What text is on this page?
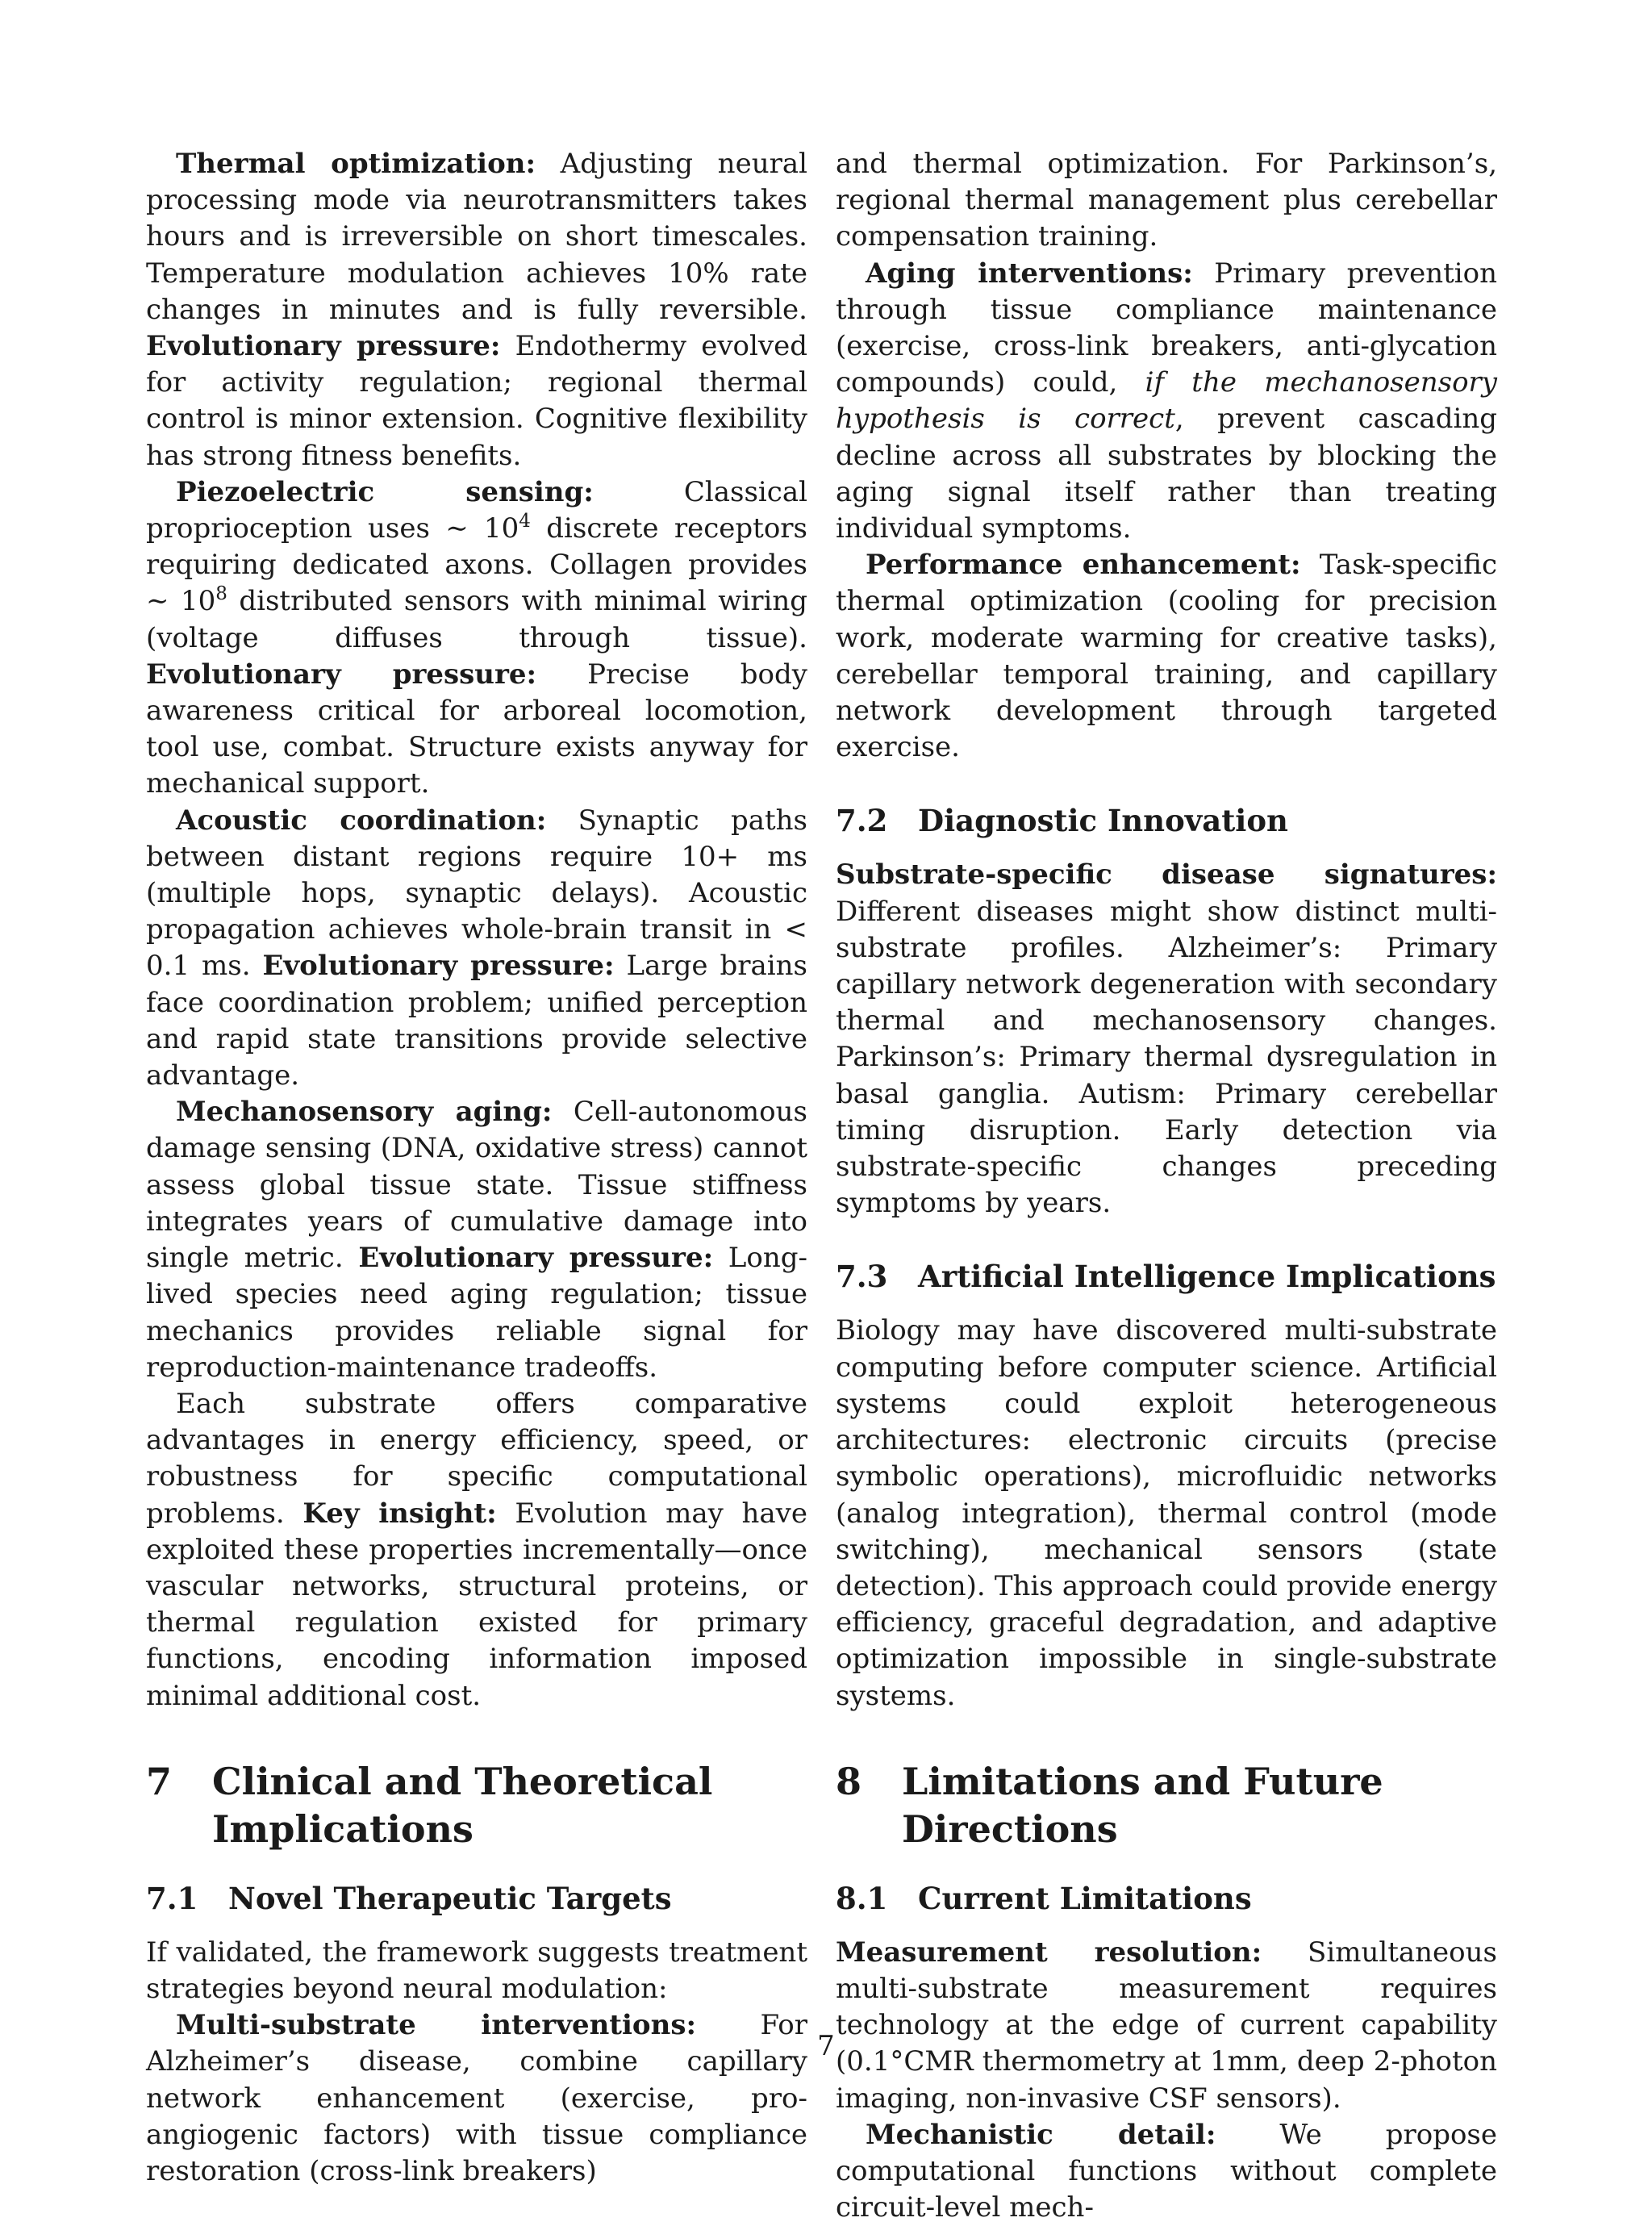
Thermal optimization: Adjusting neural processing mode via neurotransmitters takes hours and is irreversible on short timescales. Temperature modulation achieves 10% rate changes in minutes and is fully reversible. Evolutionary pressure: Endothermy evolved for activity regulation; regional thermal control is minor extension. Cognitive flexibility has strong fitness benefits.

Piezoelectric sensing:	Classical proprioception uses ∼ $10^4$ discrete receptors requiring dedicated axons. Collagen provides ∼ $10^8$ distributed sensors with minimal wiring (voltage diffuses through tissue). Evolutionary pressure: Precise body awareness critical for arboreal locomotion, tool use, combat. Structure exists anyway for mechanical support.

Acoustic coordination: Synaptic paths between distant regions require 10+ ms (multiple hops, synaptic delays). Acoustic propagation achieves whole-brain transit in < 0.1 ms. Evolutionary pressure: Large brains face coordination problem; unified perception and rapid state transitions provide selective advantage.

Mechanosensory aging: Cell-autonomous damage sensing (DNA, oxidative stress) cannot assess global tissue state. Tissue stiffness integrates years of cumulative damage into single metric. Evolutionary pressure: Long-lived species need aging regulation; tissue mechanics provides reliable signal for reproduction-maintenance tradeoffs.

Each substrate offers comparative advantages in energy efficiency, speed, or robustness for specific computational problems. Key insight: Evolution may have exploited these properties incrementally—once vascular networks, structural proteins, or thermal regulation existed for primary functions, encoding information imposed minimal additional cost.

7	Clinical and Theoretical Implications
7.1 Novel Therapeutic Targets

If validated, the framework suggests treatment strategies beyond neural modulation:

Multi-substrate interventions: For Alzheimer’s disease, combine capillary network enhancement (exercise, pro-angiogenic factors) with tissue compliance restoration (cross-link breakers)

and thermal optimization. For Parkinson’s, regional thermal management plus cerebellar compensation training.

Aging interventions: Primary prevention through tissue compliance maintenance (exercise, cross-link breakers, anti-glycation compounds) could, if the mechanosensory hypothesis is correct, prevent cascading decline across all substrates by blocking the aging signal itself rather than treating individual symptoms.

Performance enhancement: Task-specific thermal optimization (cooling for precision work, moderate warming for creative tasks), cerebellar temporal training, and capillary network development through targeted exercise.

7.2 Diagnostic Innovation

Substrate-specific disease signatures: Different diseases might show distinct multi-substrate profiles. Alzheimer’s: Primary capillary network degeneration with secondary thermal and mechanosensory changes. Parkinson’s: Primary thermal dysregulation in basal ganglia. Autism: Primary cerebellar timing disruption. Early detection via substrate-specific changes preceding symptoms by years.

7.3 Artificial Intelligence Implications

Biology may have discovered multi-substrate computing before computer science. Artificial systems could exploit heterogeneous architectures: electronic circuits (precise symbolic operations), microfluidic networks (analog integration), thermal control (mode switching), mechanical sensors (state detection). This approach could provide energy efficiency, graceful degradation, and adaptive optimization impossible in single-substrate systems.

8	Limitations and Future Directions
8.1 Current Limitations

Measurement resolution: Simultaneous multi-substrate measurement requires technology at the edge of current capability (0.1°CMR thermometry at 1mm, deep 2-photon imaging, non-invasive CSF sensors).

Mechanistic detail: We propose computational functions without complete circuit-level mech-

7
